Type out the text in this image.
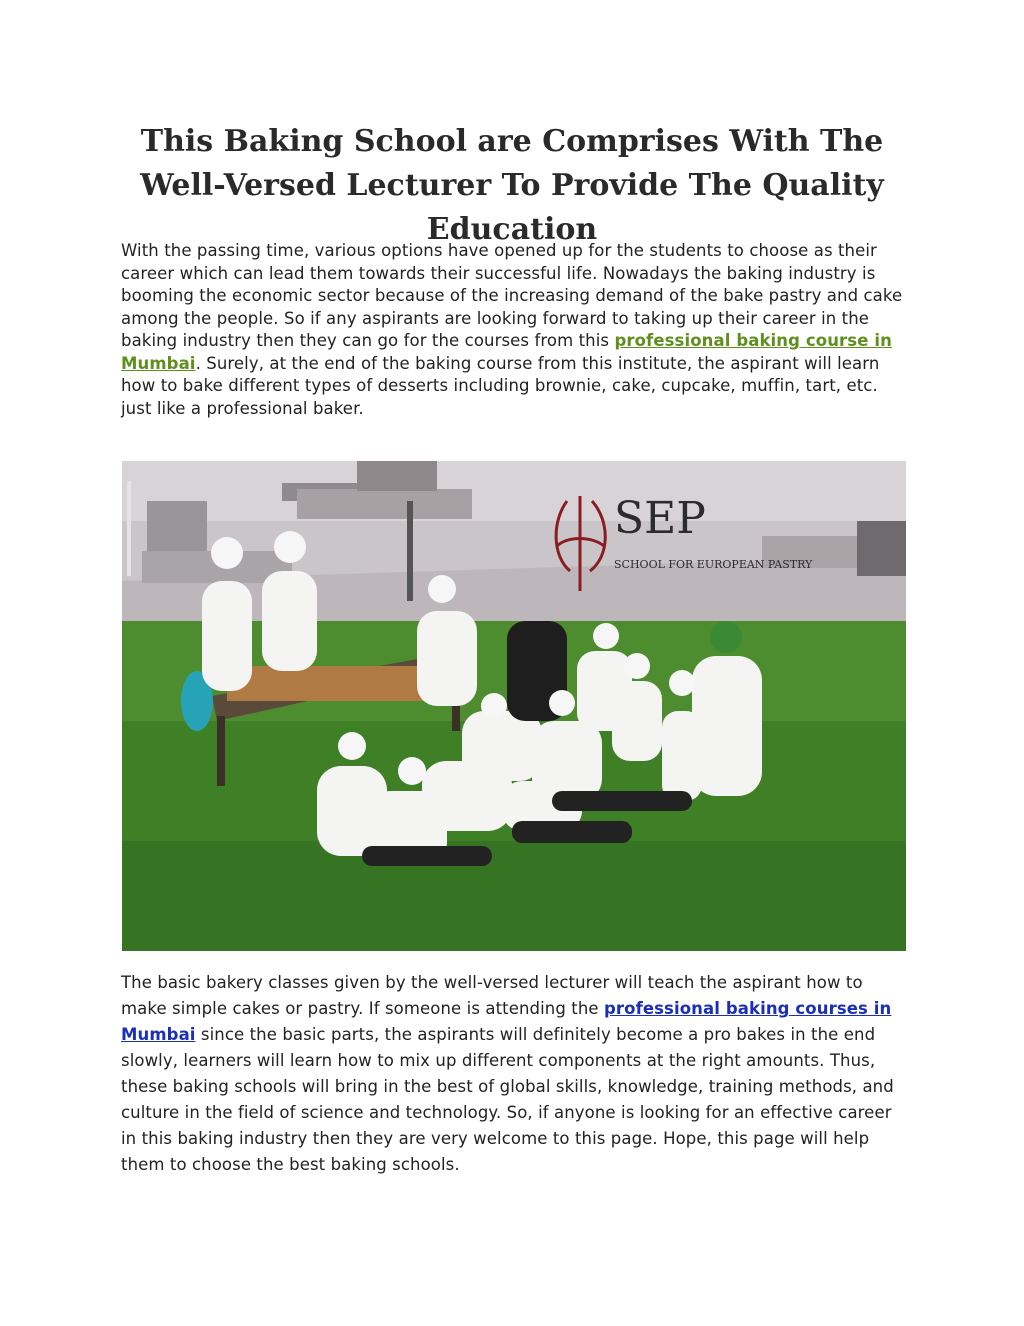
This Baking School are Comprises With The Well-Versed Lecturer To Provide The Quality Education

With the passing time, various options have opened up for the students to choose as their career which can lead them towards their successful life. Nowadays the baking industry is booming the economic sector because of the increasing demand of the bake pastry and cake among the people. So if any aspirants are looking forward to taking up their career in the baking industry then they can go for the courses from this professional baking course in Mumbai. Surely, at the end of the baking course from this institute, the aspirant will learn how to bake different types of desserts including brownie, cake, cupcake, muffin, tart, etc. just like a professional baker.

SEP
SCHOOL FOR EUROPEAN PASTRY

The basic bakery classes given by the well-versed lecturer will teach the aspirant how to make simple cakes or pastry. If someone is attending the professional baking courses in Mumbai since the basic parts, the aspirants will definitely become a pro bakes in the end slowly, learners will learn how to mix up different components at the right amounts. Thus, these baking schools will bring in the best of global skills, knowledge, training methods, and culture in the field of science and technology. So, if anyone is looking for an effective career in this baking industry then they are very welcome to this page. Hope, this page will help them to choose the best baking schools.
